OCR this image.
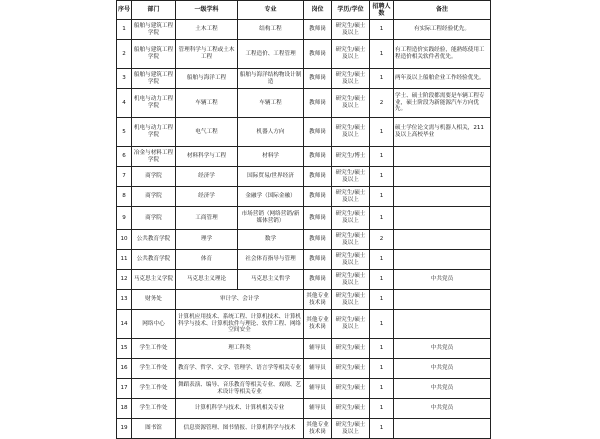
序号	部门	一级学科	专业	岗位	学历/学位	招聘人数	备注
1	船舶与建筑工程学院	土木工程	结构工程	教师岗	研究生/硕士及以上	1	有实际工程经验优先。
2	船舶与建筑工程学院	管理科学与工程或土木工程	工程造价、工程管理	教师岗	研究生/硕士及以上	1	有工程造价实践经验，能熟练使用工程造价相关软件者优先。
3	船舶与建筑工程学院	船舶与海洋工程	船舶与海洋结构物设计制造	教师岗	研究生/硕士及以上	1	两年及以上船舶企业工作经验优先。
4	机电与动力工程学院	车辆工程	车辆工程	教师岗	研究生/硕士及以上	2	学士、硕士阶段都需要是车辆工程专业，硕士阶段为新能源汽车方向优先。
5	机电与动力工程学院	电气工程	机器人方向	教师岗	研究生/硕士及以上	1	硕士学位论文需与机器人相关，211及以上高校毕业
6	冶金与材料工程学院	材料科学与工程	材料学	教师岗	研究生/博士	1	
7	商学院	经济学	国际贸易/世界经济	教师岗	研究生/硕士及以上	1	
8	商学院	经济学	金融学（国际金融）	教师岗	研究生/硕士及以上	1	
9	商学院	工商管理	市场营销（网络营销/新媒体营销）	教师岗	研究生/硕士及以上	1	
10	公共教育学院	理学	数学	教师岗	研究生/硕士及以上	2	
11	公共教育学院	体育	社会体育指导与管理	教师岗	研究生/硕士及以上	1	
12	马克思主义学院	马克思主义理论	马克思主义哲学	教师岗	研究生/硕士及以上	1	中共党员
13	财务处	审计学、会计学		其他专业技术岗	研究生/硕士及以上	1	
14	网络中心	计算机应用技术、系统工程、计算机技术、计算机科学与技术、计算机软件与理论、软件工程、网络空间安全		其他专业技术岗	研究生/硕士及以上	1	
15	学生工作处	理工科类		辅导员	研究生/硕士	1	中共党员
16	学生工作处	教育学、哲学、文学、管理学、语言学等相关专业		辅导员	研究生/硕士	1	中共党员
17	学生工作处	舞蹈表演、编导、音乐教育等相关专业、戏剧、艺术设计等相关专业		辅导员	研究生/硕士	1	中共党员
18	学生工作处	计算机科学与技术、计算机相关专业		辅导员	研究生/硕士	1	中共党员
19	图书馆	信息资源管理、图书情报、计算机科学与技术		其他专业技术岗	研究生/硕士及以上	1	
